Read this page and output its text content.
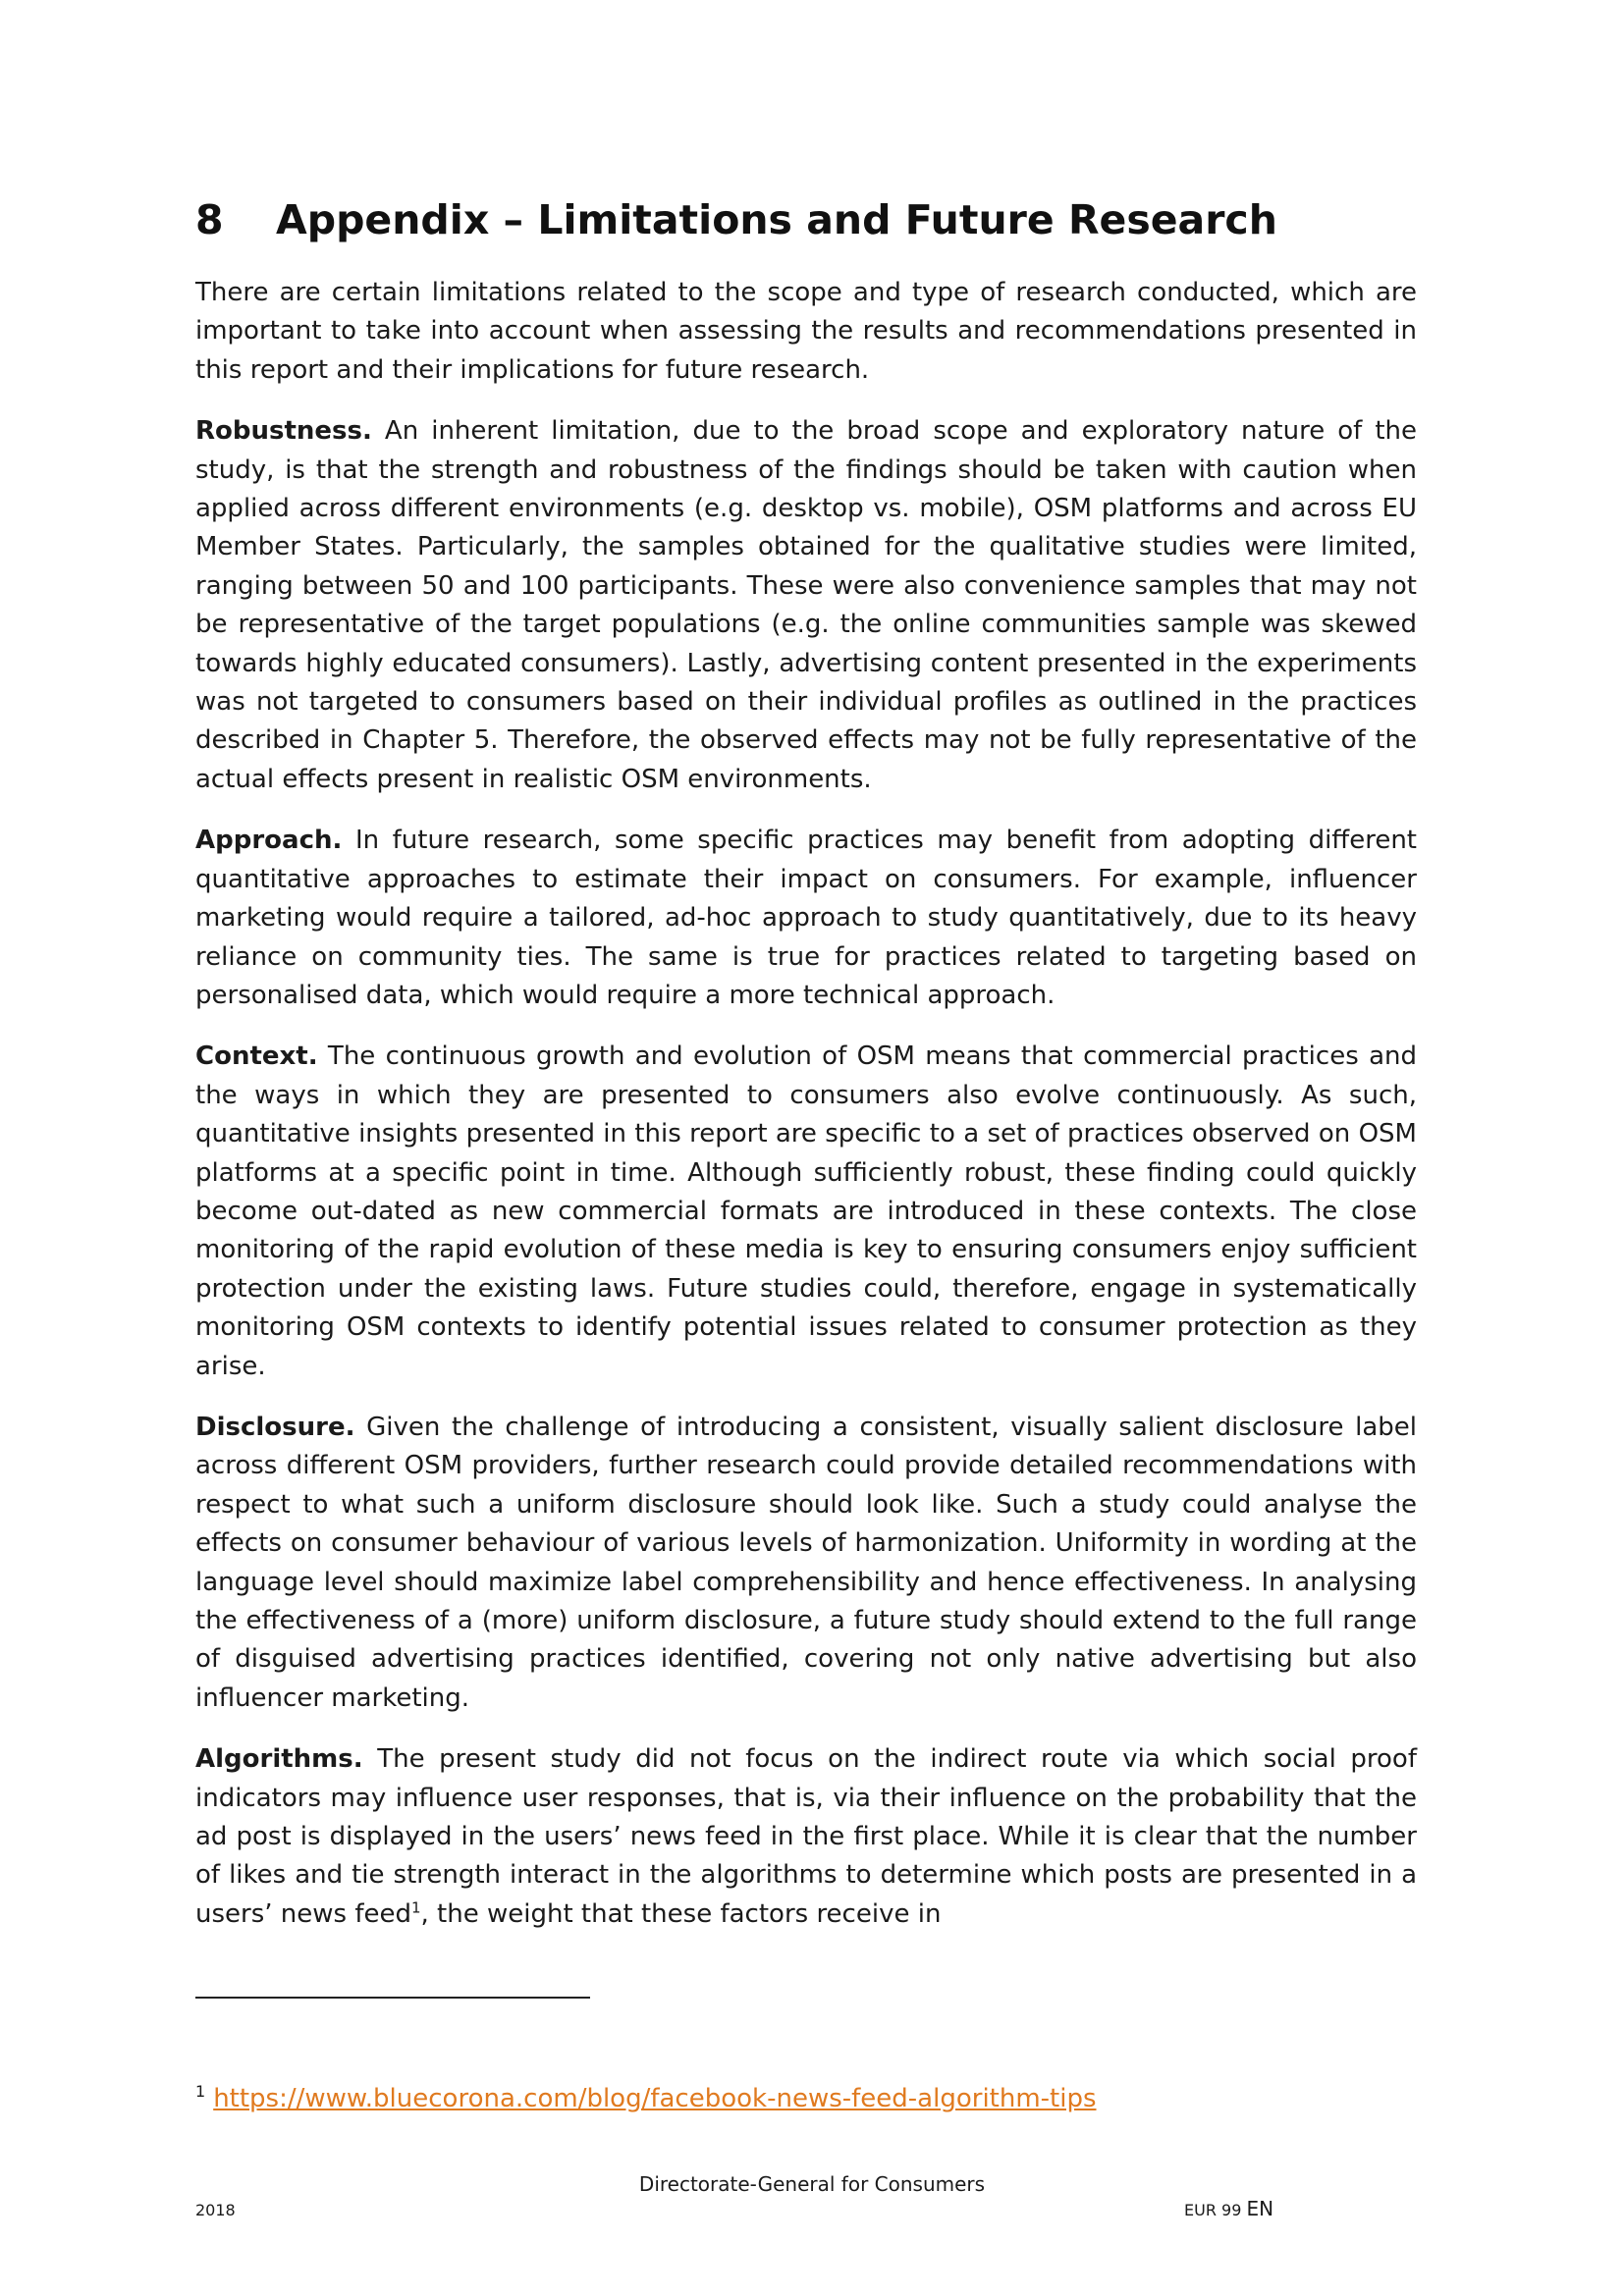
8 Appendix – Limitations and Future Research

There are certain limitations related to the scope and type of research conducted, which are important to take into account when assessing the results and recommendations presented in this report and their implications for future research.

Robustness. An inherent limitation, due to the broad scope and exploratory nature of the study, is that the strength and robustness of the findings should be taken with caution when applied across different environments (e.g. desktop vs. mobile), OSM platforms and across EU Member States. Particularly, the samples obtained for the qualitative studies were limited, ranging between 50 and 100 participants. These were also convenience samples that may not be representative of the target populations (e.g. the online communities sample was skewed towards highly educated consumers). Lastly, advertising content presented in the experiments was not targeted to consumers based on their individual profiles as outlined in the practices described in Chapter 5. Therefore, the observed effects may not be fully representative of the actual effects present in realistic OSM environments.

Approach. In future research, some specific practices may benefit from adopting different quantitative approaches to estimate their impact on consumers. For example, influencer marketing would require a tailored, ad-hoc approach to study quantitatively, due to its heavy reliance on community ties. The same is true for practices related to targeting based on personalised data, which would require a more technical approach.

Context. The continuous growth and evolution of OSM means that commercial practices and the ways in which they are presented to consumers also evolve continuously. As such, quantitative insights presented in this report are specific to a set of practices observed on OSM platforms at a specific point in time. Although sufficiently robust, these finding could quickly become out-dated as new commercial formats are introduced in these contexts. The close monitoring of the rapid evolution of these media is key to ensuring consumers enjoy sufficient protection under the existing laws. Future studies could, therefore, engage in systematically monitoring OSM contexts to identify potential issues related to consumer protection as they arise.

Disclosure. Given the challenge of introducing a consistent, visually salient disclosure label across different OSM providers, further research could provide detailed recommendations with respect to what such a uniform disclosure should look like. Such a study could analyse the effects on consumer behaviour of various levels of harmonization. Uniformity in wording at the language level should maximize label comprehensibility and hence effectiveness. In analysing the effectiveness of a (more) uniform disclosure, a future study should extend to the full range of disguised advertising practices identified, covering not only native advertising but also influencer marketing.

Algorithms. The present study did not focus on the indirect route via which social proof indicators may influence user responses, that is, via their influence on the probability that the ad post is displayed in the users’ news feed in the first place. While it is clear that the number of likes and tie strength interact in the algorithms to determine which posts are presented in a users’ news feed$^1$, the weight that these factors receive in

$^1$ https://www.bluecorona.com/blog/facebook-news-feed-algorithm-tips
Directorate-General for Consumers
2018	EUR 99 EN
